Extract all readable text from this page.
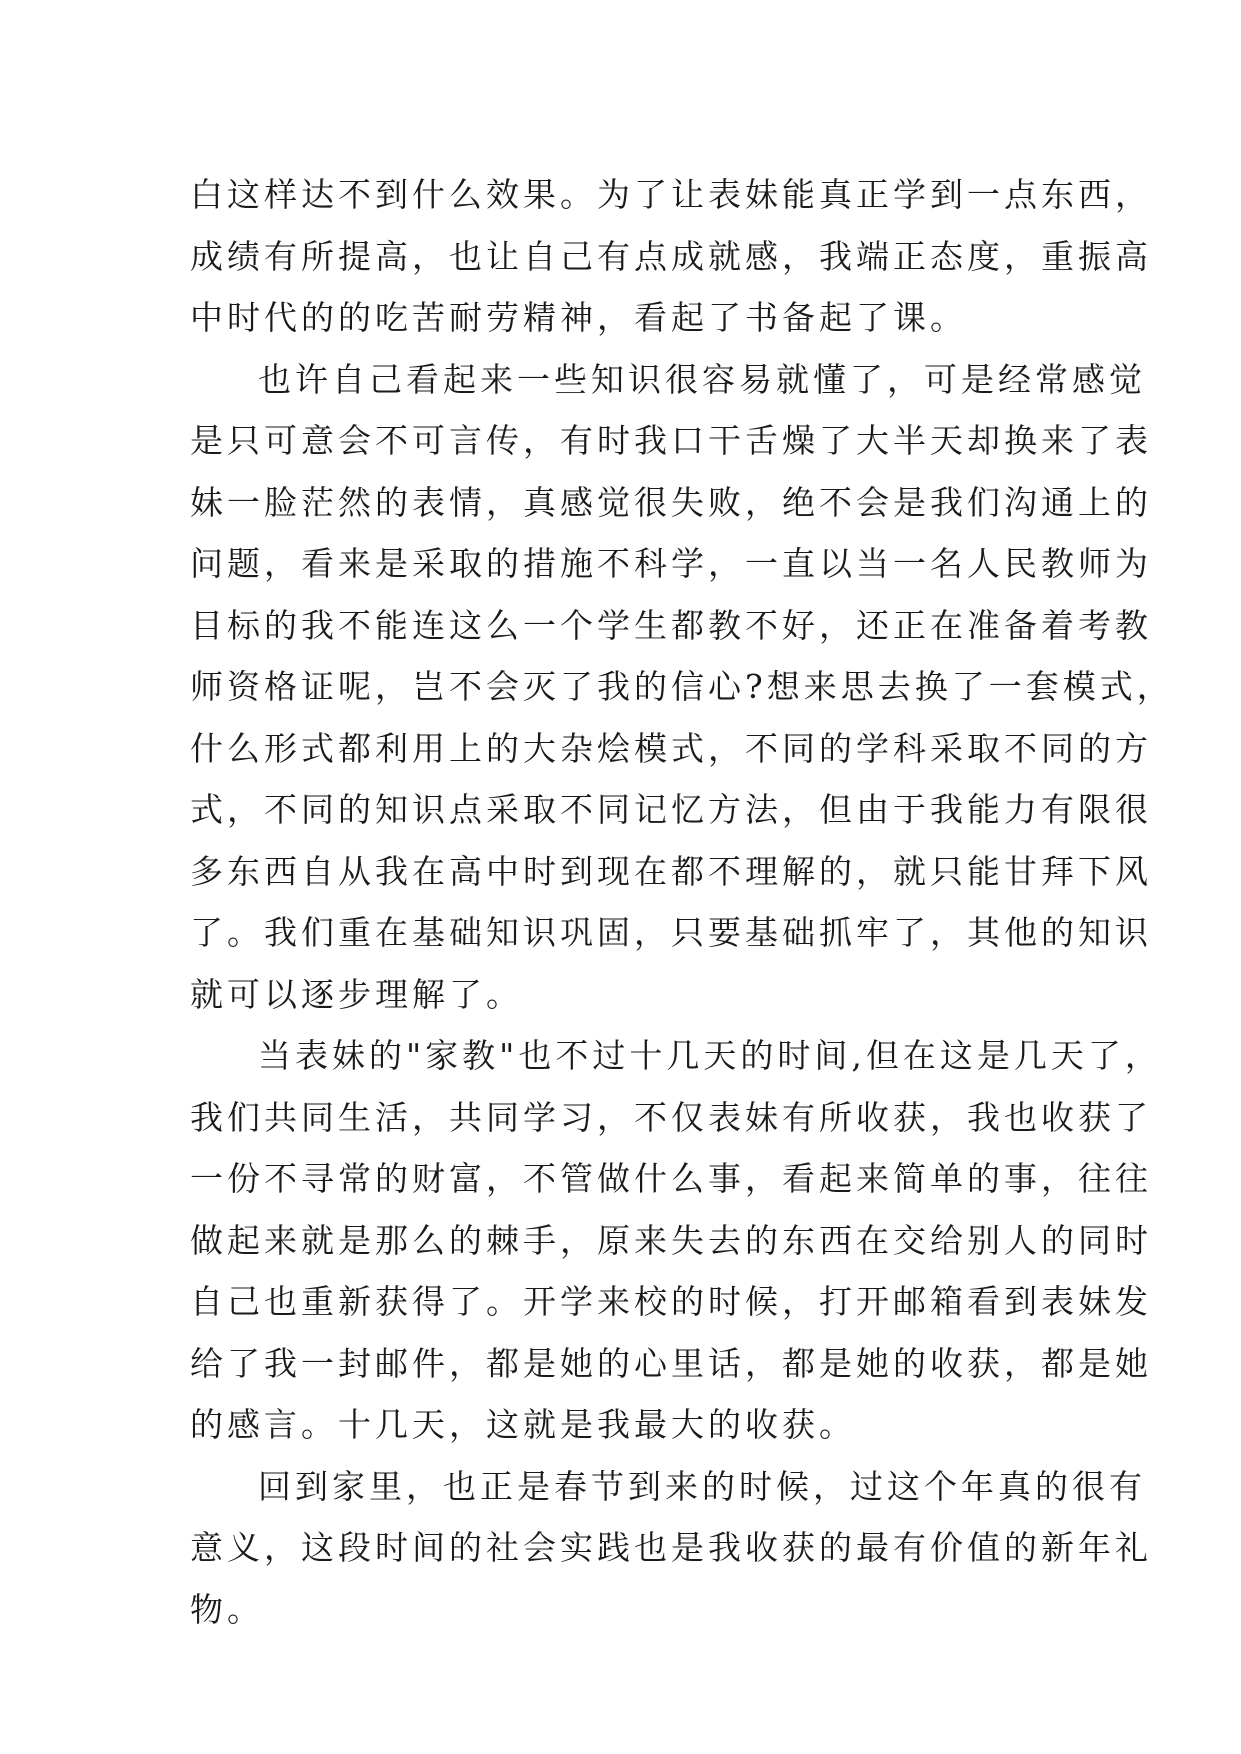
白这样达不到什么效果。为了让表妹能真正学到一点东西，
成绩有所提高，也让自己有点成就感，我端正态度，重振高
中时代的的吃苦耐劳精神，看起了书备起了课。
也许自己看起来一些知识很容易就懂了，可是经常感觉
是只可意会不可言传，有时我口干舌燥了大半天却换来了表
妹一脸茫然的表情，真感觉很失败，绝不会是我们沟通上的
问题，看来是采取的措施不科学，一直以当一名人民教师为
目标的我不能连这么一个学生都教不好，还正在准备着考教
师资格证呢，岂不会灭了我的信心?想来思去换了一套模式，
什么形式都利用上的大杂烩模式，不同的学科采取不同的方
式，不同的知识点采取不同记忆方法，但由于我能力有限很
多东西自从我在高中时到现在都不理解的，就只能甘拜下风
了。我们重在基础知识巩固，只要基础抓牢了，其他的知识
就可以逐步理解了。
当表妹的"家教"也不过十几天的时间,但在这是几天了，
我们共同生活，共同学习，不仅表妹有所收获，我也收获了
一份不寻常的财富，不管做什么事，看起来简单的事，往往
做起来就是那么的棘手，原来失去的东西在交给别人的同时
自己也重新获得了。开学来校的时候，打开邮箱看到表妹发
给了我一封邮件，都是她的心里话，都是她的收获，都是她
的感言。十几天，这就是我最大的收获。
回到家里，也正是春节到来的时候，过这个年真的很有
意义，这段时间的社会实践也是我收获的最有价值的新年礼
物。
